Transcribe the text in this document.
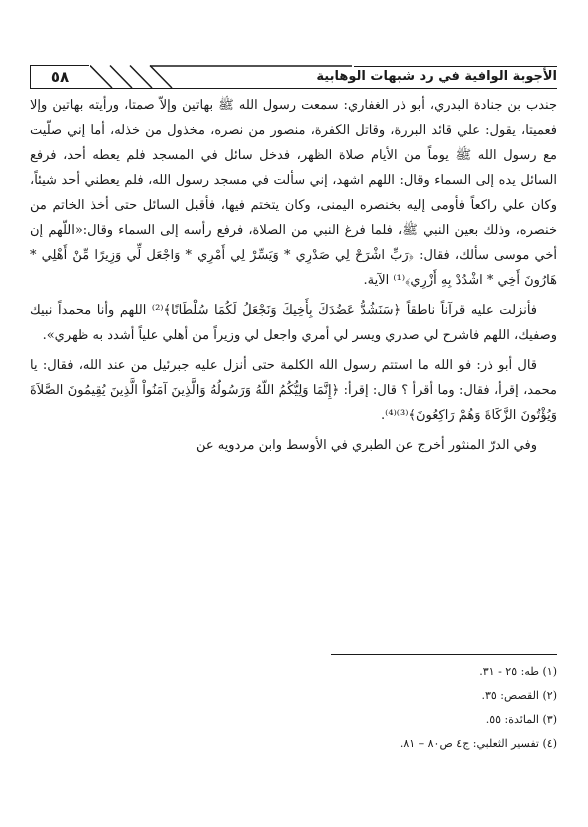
الأجوبة الوافية في رد شبهات الوهابية
٥٨

جندب بن جنادة البدري، أبو ذر الغفاري: سمعت رسول الله ﷺ بهاتين وإلاّ صمتا، ورأيته بهاتين وإلا فعميتا، يقول: علي قائد البررة، وقاتل الكفرة، منصور من نصره، مخذول من خذله، أما إني صلّيت مع رسول الله ﷺ يوماً من الأيام صلاة الظهر، فدخل سائل في المسجد فلم يعطه أحد، فرفع السائل يده إلى السماء وقال: اللهم اشهد، إني سألت في مسجد رسول الله، فلم يعطني أحد شيئاً، وكان علي راكعاً فأومى إليه بخنصره اليمنى، وكان يتختم فيها، فأقبل السائل حتى أخذ الخاتم من خنصره، وذلك بعين النبي ﷺ، فلما فرغ النبي من الصلاة، فرفع رأسه إلى السماء وقال:«اللّهم إن أخي موسى سألك، فقال: ﴿رَبِّ اشْرَحْ لِي صَدْرِي * وَيَسِّرْ لِي أَمْرِي * وَاجْعَل لِّي وَزِيرًا مِّنْ أَهْلِي * هَارُونَ أَخِي * اشْدُدْ بِهِ أَزْرِي﴾⁽¹⁾ الآية.

فأنزلت عليه قرآناً ناطقاً ﴿سَنَشُدُّ عَضُدَكَ بِأَخِيكَ وَنَجْعَلُ لَكُمَا سُلْطَانًا﴾⁽²⁾ اللهم وأنا محمداً نبيك وصفيك، اللهم فاشرح لي صدري ويسر لي أمري واجعل لي وزيراً من أهلي علياً أشدد به ظهري».

قال أبو ذر: فو الله ما استتم رسول الله الكلمة حتى أنزل عليه جبرئيل من عند الله، فقال: يا محمد، إقرأ، فقال: وما أقرأ ؟ قال: إقرأ: ﴿إِنَّمَا وَلِيُّكُمُ اللّهُ وَرَسُولُهُ وَالَّذِينَ آمَنُواْ الَّذِينَ يُقِيمُونَ الصَّلاَةَ وَيُؤْتُونَ الزَّكَاةَ وَهُمْ رَاكِعُونَ﴾⁽³⁾⁽⁴⁾.

وفي الدرّ المنثور أخرج عن الطبري في الأوسط وابن مردويه عن

(١) طه: ٢٥ - ٣١.
(٢) القصص: ٣٥.
(٣) المائدة: ٥٥.
(٤) تفسير الثعلبي: ج٤ ص٨٠ – ٨١.
